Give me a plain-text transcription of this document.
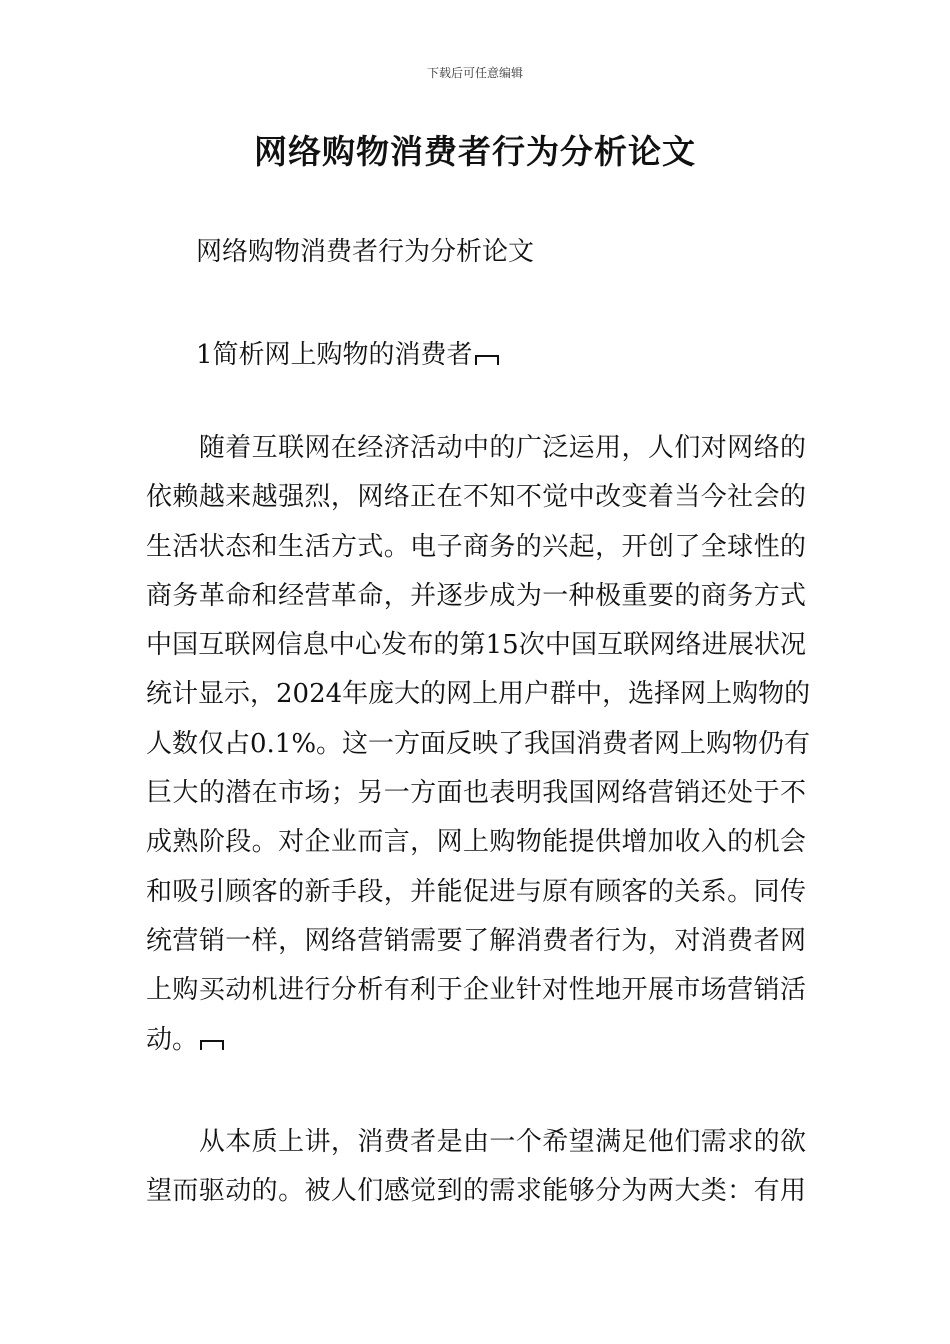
下载后可任意编辑
网络购物消费者行为分析论文

网络购物消费者行为分析论文

1简析网上购物的消费者

　　随着互联网在经济活动中的广泛运用，人们对网络的
依赖越来越强烈，网络正在不知不觉中改变着当今社会的
生活状态和生活方式。电子商务的兴起，开创了全球性的
商务革命和经营革命，并逐步成为一种极重要的商务方式
中国互联网信息中心发布的第15次中国互联网络进展状况
统计显示，2024年庞大的网上用户群中，选择网上购物的
人数仅占0.1%。这一方面反映了我国消费者网上购物仍有
巨大的潜在市场；另一方面也表明我国网络营销还处于不
成熟阶段。对企业而言，网上购物能提供增加收入的机会
和吸引顾客的新手段，并能促进与原有顾客的关系。同传
统营销一样，网络营销需要了解消费者行为，对消费者网
上购买动机进行分析有利于企业针对性地开展市场营销活
动。
　　从本质上讲，消费者是由一个希望满足他们需求的欲
望而驱动的。被人们感觉到的需求能够分为两大类：有用
